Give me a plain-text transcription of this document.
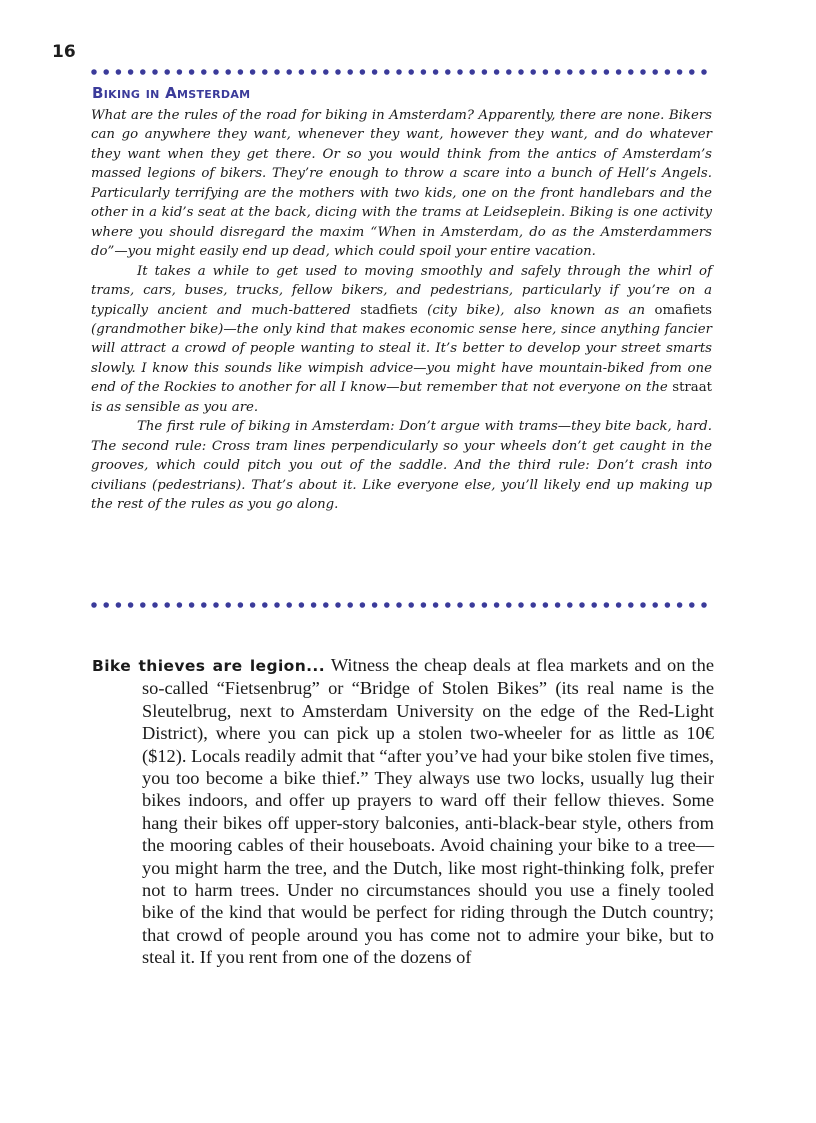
16
Biking in Amsterdam

What are the rules of the road for biking in Amsterdam? Apparently, there are none. Bikers can go anywhere they want, whenever they want, however they want, and do whatever they want when they get there. Or so you would think from the antics of Amsterdam’s massed legions of bikers. They’re enough to throw a scare into a bunch of Hell’s Angels. Particularly terrifying are the mothers with two kids, one on the front handlebars and the other in a kid’s seat at the back, dicing with the trams at Leidseplein. Biking is one activity where you should disregard the maxim “When in Amsterdam, do as the Amsterdammers do”—you might easily end up dead, which could spoil your entire vacation.

It takes a while to get used to moving smoothly and safely through the whirl of trams, cars, buses, trucks, fellow bikers, and pedestrians, particularly if you’re on a typically ancient and much-battered stadfiets (city bike), also known as an omafiets (grandmother bike)—the only kind that makes economic sense here, since anything fancier will attract a crowd of people wanting to steal it. It’s better to develop your street smarts slowly. I know this sounds like wimpish advice—you might have mountain-biked from one end of the Rockies to another for all I know—but remember that not everyone on the straat is as sensible as you are.

The first rule of biking in Amsterdam: Don’t argue with trams—they bite back, hard. The second rule: Cross tram lines perpendicularly so your wheels don’t get caught in the grooves, which could pitch you out of the saddle. And the third rule: Don’t crash into civilians (pedestrians). That’s about it. Like everyone else, you’ll likely end up making up the rest of the rules as you go along.

Bike thieves are legion... Witness the cheap deals at flea markets and on the so-called “Fietsenbrug” or “Bridge of Stolen Bikes” (its real name is the Sleutelbrug, next to Amsterdam University on the edge of the Red-Light District), where you can pick up a stolen two-wheeler for as little as 10€ ($12). Locals readily admit that “after you’ve had your bike stolen five times, you too become a bike thief.” They always use two locks, usually lug their bikes indoors, and offer up prayers to ward off their fellow thieves. Some hang their bikes off upper-story balconies, anti-black-bear style, others from the mooring cables of their houseboats. Avoid chaining your bike to a tree—you might harm the tree, and the Dutch, like most right-thinking folk, prefer not to harm trees. Under no circumstances should you use a finely tooled bike of the kind that would be perfect for riding through the Dutch country; that crowd of people around you has come not to admire your bike, but to steal it. If you rent from one of the dozens of
